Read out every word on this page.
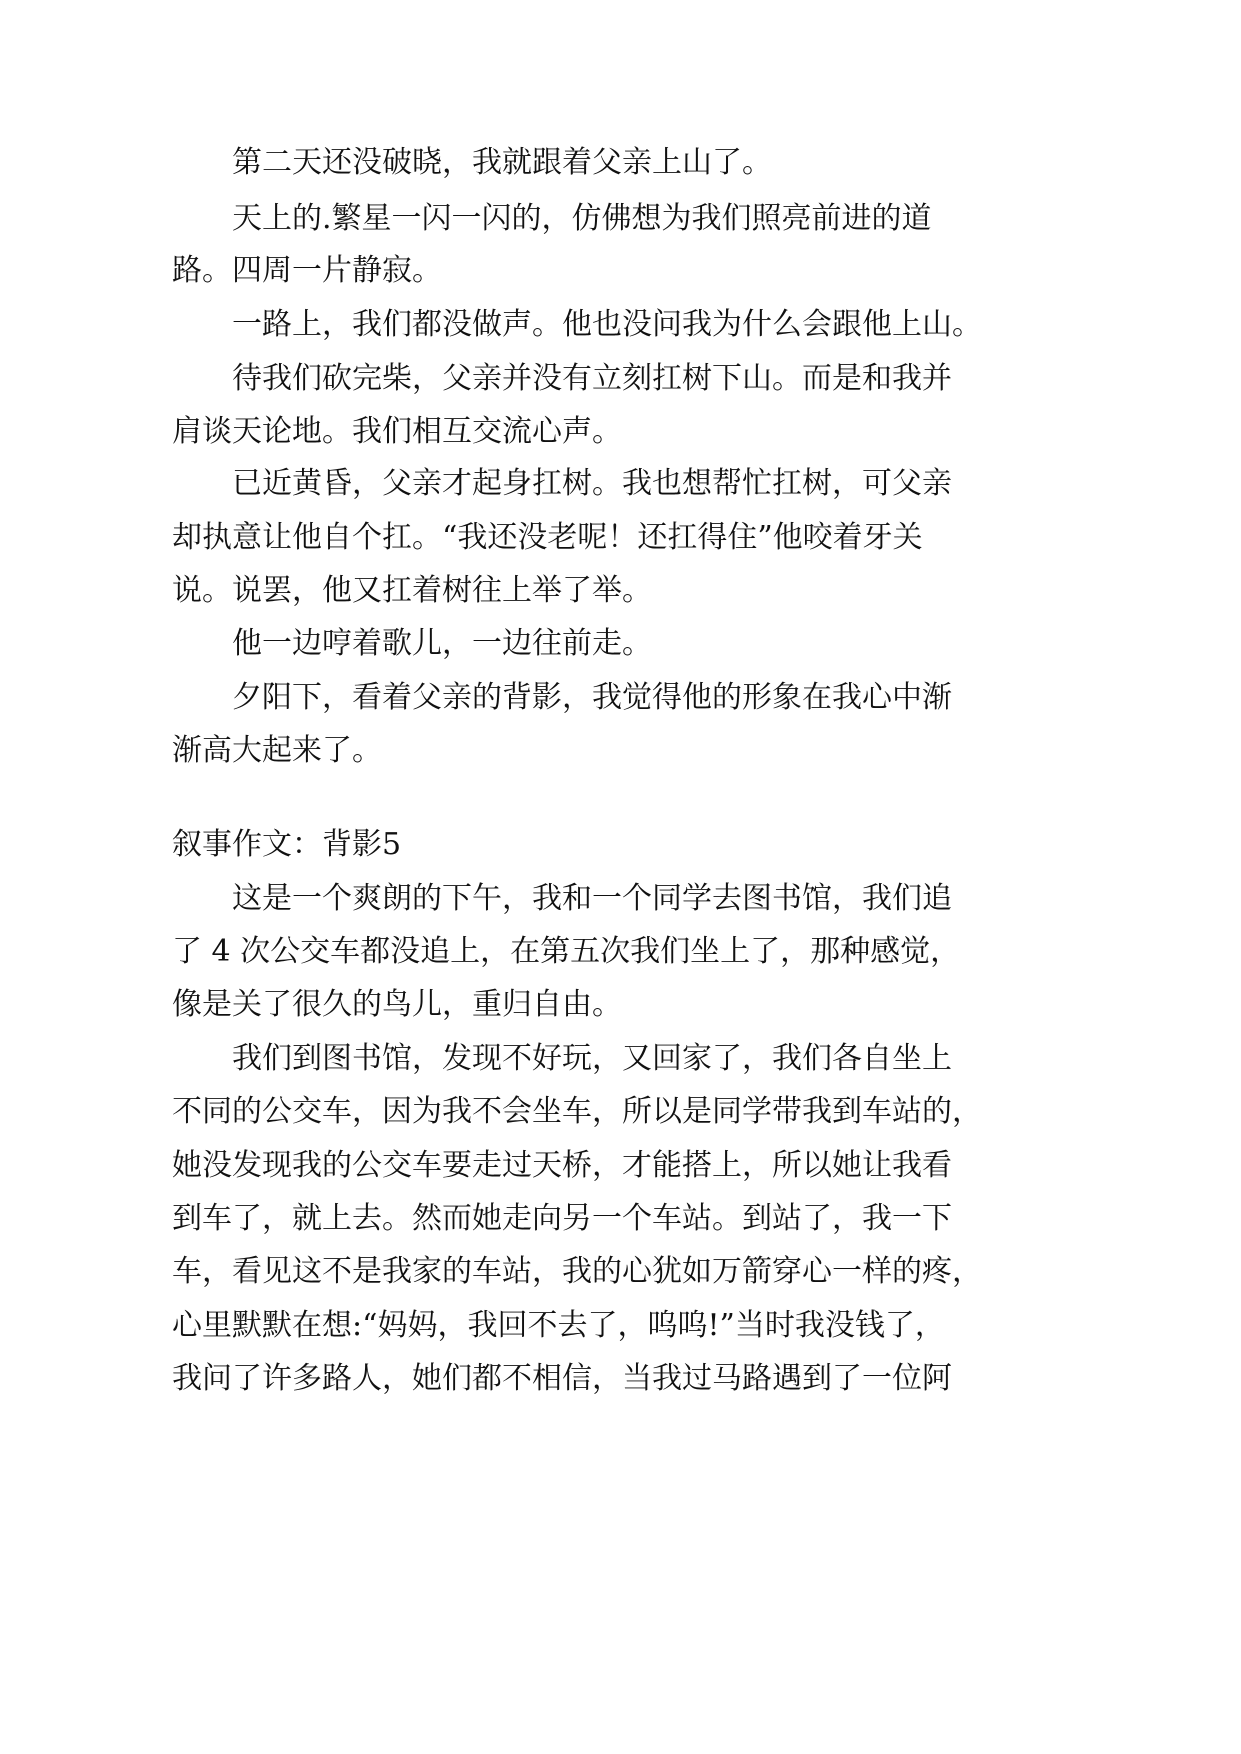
第二天还没破晓，我就跟着父亲上山了。
天上的.繁星一闪一闪的，仿佛想为我们照亮前进的道
路。四周一片静寂。
一路上，我们都没做声。他也没问我为什么会跟他上山。
待我们砍完柴，父亲并没有立刻扛树下山。而是和我并
肩谈天论地。我们相互交流心声。
已近黄昏，父亲才起身扛树。我也想帮忙扛树，可父亲
却执意让他自个扛。“我还没老呢！还扛得住”他咬着牙关
说。说罢，他又扛着树往上举了举。
他一边哼着歌儿，一边往前走。
夕阳下，看着父亲的背影，我觉得他的形象在我心中渐
渐高大起来了。
叙事作文：背影5
这是一个爽朗的下午，我和一个同学去图书馆，我们追
了 4 次公交车都没追上，在第五次我们坐上了，那种感觉，
像是关了很久的鸟儿，重归自由。
我们到图书馆，发现不好玩，又回家了，我们各自坐上
不同的公交车，因为我不会坐车，所以是同学带我到车站的，
她没发现我的公交车要走过天桥，才能搭上，所以她让我看
到车了，就上去。然而她走向另一个车站。到站了，我一下
车，看见这不是我家的车站，我的心犹如万箭穿心一样的疼，
心里默默在想:“妈妈，我回不去了，呜呜!”当时我没钱了，
我问了许多路人，她们都不相信，当我过马路遇到了一位阿
